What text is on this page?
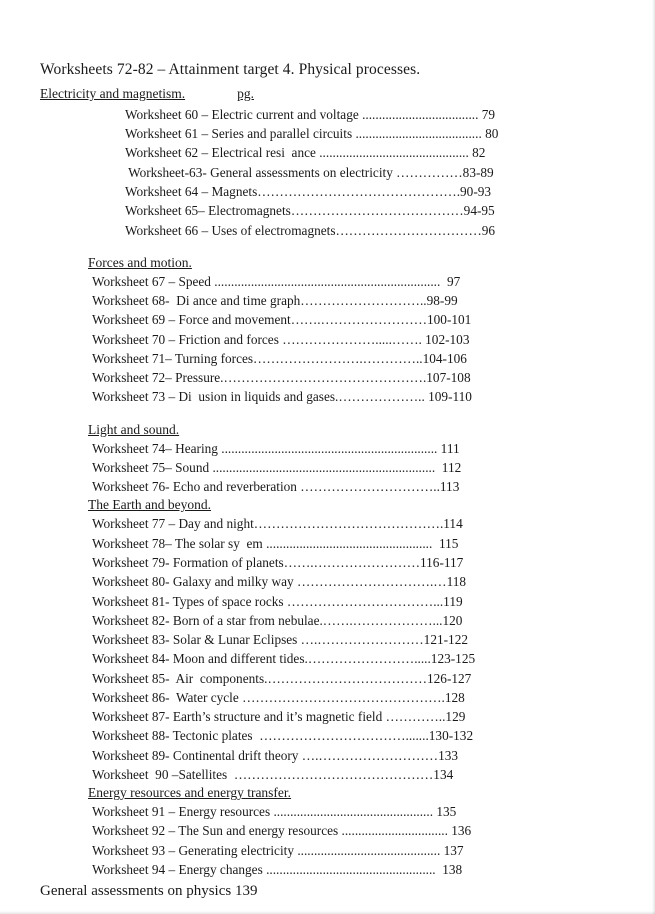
Worksheets 72-82 – Attainment target 4. Physical processes.
Electricity and magnetism.	pg.
Worksheet 60 – Electric current and voltage ................................... 79
Worksheet 61 – Series and parallel circuits ...................................... 80
Worksheet 62 – Electrical resi  ance ............................................. 82
Worksheet-63- General assessments on electricity ……………83-89
Worksheet 64 – Magnets……………………………………….90-93
Worksheet 65– Electromagnets…………………………………94-95
Worksheet 66 – Uses of electromagnets……………………………96
Forces and motion.
Worksheet 67 – Speed ....................................................................  97
Worksheet 68-  Di ance and time graph………………………..98-99
Worksheet 69 – Force and movement…….……………………100-101
Worksheet 70 – Friction and forces ………………….....……. 102-103
Worksheet 71– Turning forces…………………….…………..104-106
Worksheet 72– Pressure.……………………………………….107-108
Worksheet 73 – Di  usion in liquids and gases.……………….. 109-110
Light and sound.
Worksheet 74– Hearing ................................................................. 111
Worksheet 75– Sound ...................................................................  112
Worksheet 76- Echo and reverberation …………………………..113
The Earth and beyond.
Worksheet 77 – Day and night…………………………………….114
Worksheet 78– The solar sy  em ..................................................  115
Worksheet 79- Formation of planets…….……………………116-117
Worksheet 80- Galaxy and milky way ………………………….…118
Worksheet 81- Types of space rocks ……………………………...119
Worksheet 82- Born of a star from nebulae.…….………………...120
Worksheet 83- Solar & Lunar Eclipses ….……………………121-122
Worksheet 84- Moon and different tides.…………………….....123-125
Worksheet 85-  Air  components.………………………………126-127
Worksheet 86-  Water cycle ……………………………………….128
Worksheet 87- Earth’s structure and it’s magnetic field …………..129
Worksheet 88- Tectonic plates  …………………………….......130-132
Worksheet 89- Continental drift theory ….………………………133
Worksheet  90 –Satellites  ………………………………………134
Energy resources and energy transfer.
Worksheet 91 – Energy resources ................................................ 135
Worksheet 92 – The Sun and energy resources ................................ 136
Worksheet 93 – Generating electricity ........................................... 137
Worksheet 94 – Energy changes ...................................................  138
General assessments on physics 139
